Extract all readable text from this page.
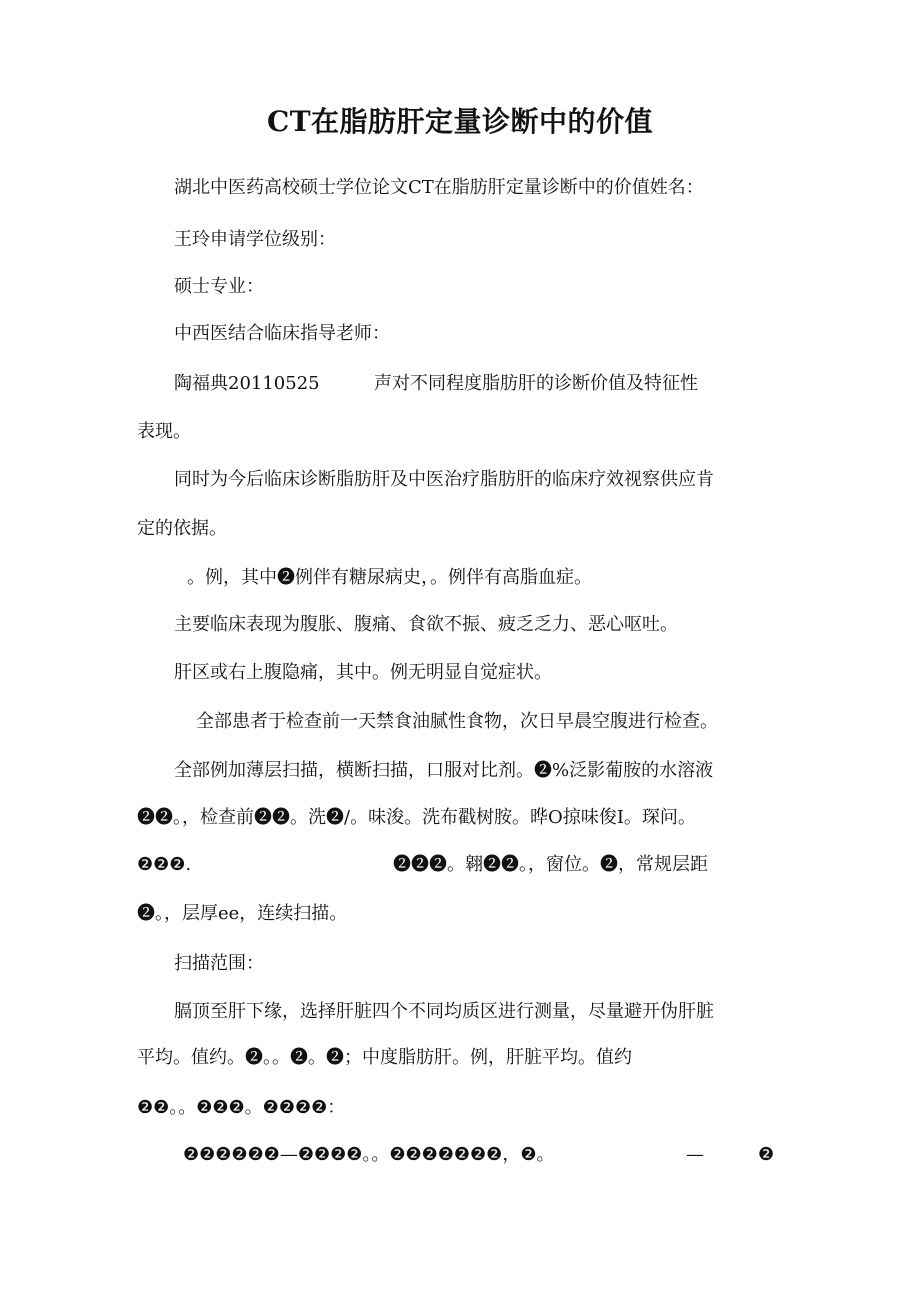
CT在脂肪肝定量诊断中的价值
湖北中医药高校硕士学位论文CT在脂肪肝定量诊断中的价值姓名：
王玲申请学位级别：
硕士专业：
中西医结合临床指导老师：
陶福典20110525	声对不同程度脂肪肝的诊断价值及特征性
表现。
同时为今后临床诊断脂肪肝及中医治疗脂肪肝的临床疗效视察供应肯
定的依据。
。例，其中❷例伴有糖尿病史，。例伴有高脂血症。
主要临床表现为腹胀、腹痛、食欲不振、疲乏乏力、恶心呕吐。
肝区或右上腹隐痛，其中。例无明显自觉症状。
全部患者于检查前一天禁食油腻性食物，次日早晨空腹进行检查。
全部例加薄层扫描，横断扫描，口服对比剂。❷%泛影葡胺的水溶液
❷❷。，检查前❷❷。洗❷/。味浚。洗布戳树胺。晔O掠味俊I。琛问。
❷❷❷.	❷❷❷。翱❷❷。，窗位。❷，常规层距
❷。，层厚ee，连续扫描。
扫描范围：
膈顶至肝下缘，选择肝脏四个不同均质区进行测量，尽量避开伪肝脏
平均。值约。❷。。❷。❷；中度脂肪肝。例，肝脏平均。值约
❷❷。。❷❷❷。❷❷❷❷：
❷❷❷❷❷❷—❷❷❷❷。。❷❷❷❷❷❷❷，❷。	—	❷
